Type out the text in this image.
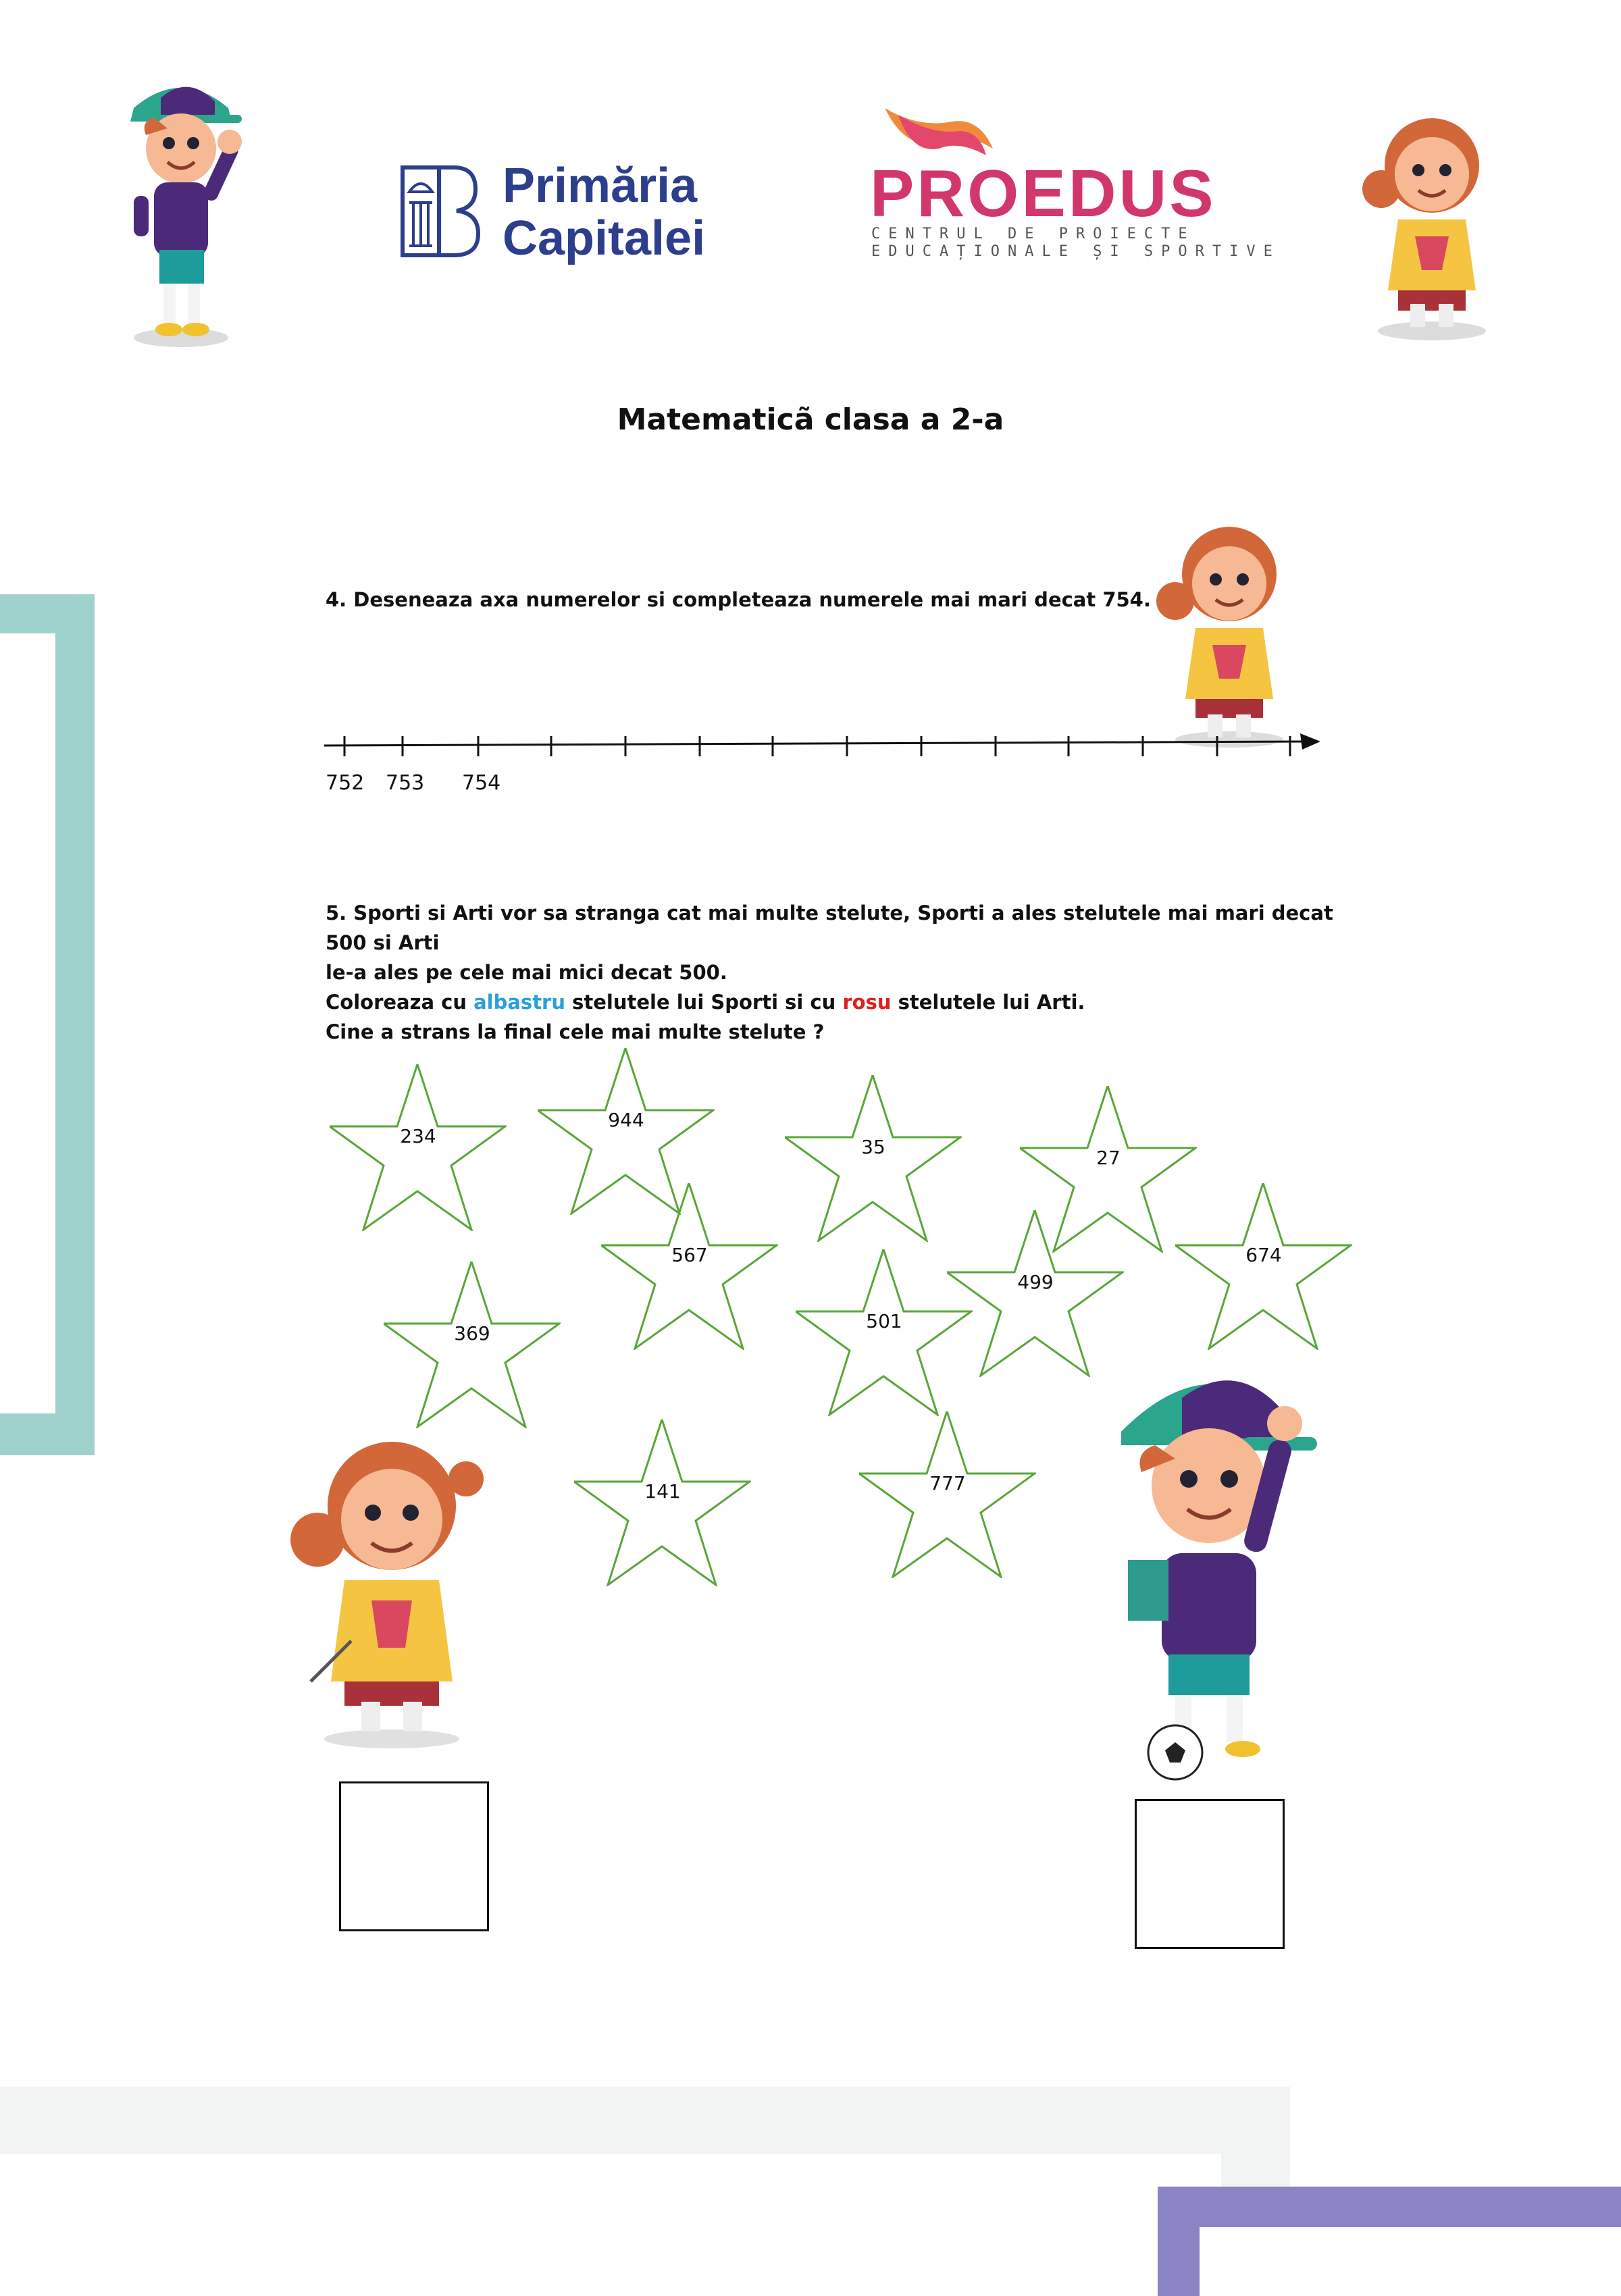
Primăria
Capitalei
PROEDUS
CENTRUL DE PROIECTE
EDUCAȚIONALE ȘI SPORTIVE
Matematicã clasa a 2-a
4. Deseneaza axa numerelor si completeaza numerele mai mari decat 754.
752 753 754
5. Sporti si Arti vor sa stranga cat mai multe stelute, Sporti a ales stelutele mai mari decat 500 si Arti
le-a ales pe cele mai mici decat 500.
Coloreaza cu albastru stelutele lui Sporti si cu rosu stelutele lui Arti.
Cine a strans la final cele mai multe stelute ?
234
944
35	27
567	674
499
501
369
141	777
